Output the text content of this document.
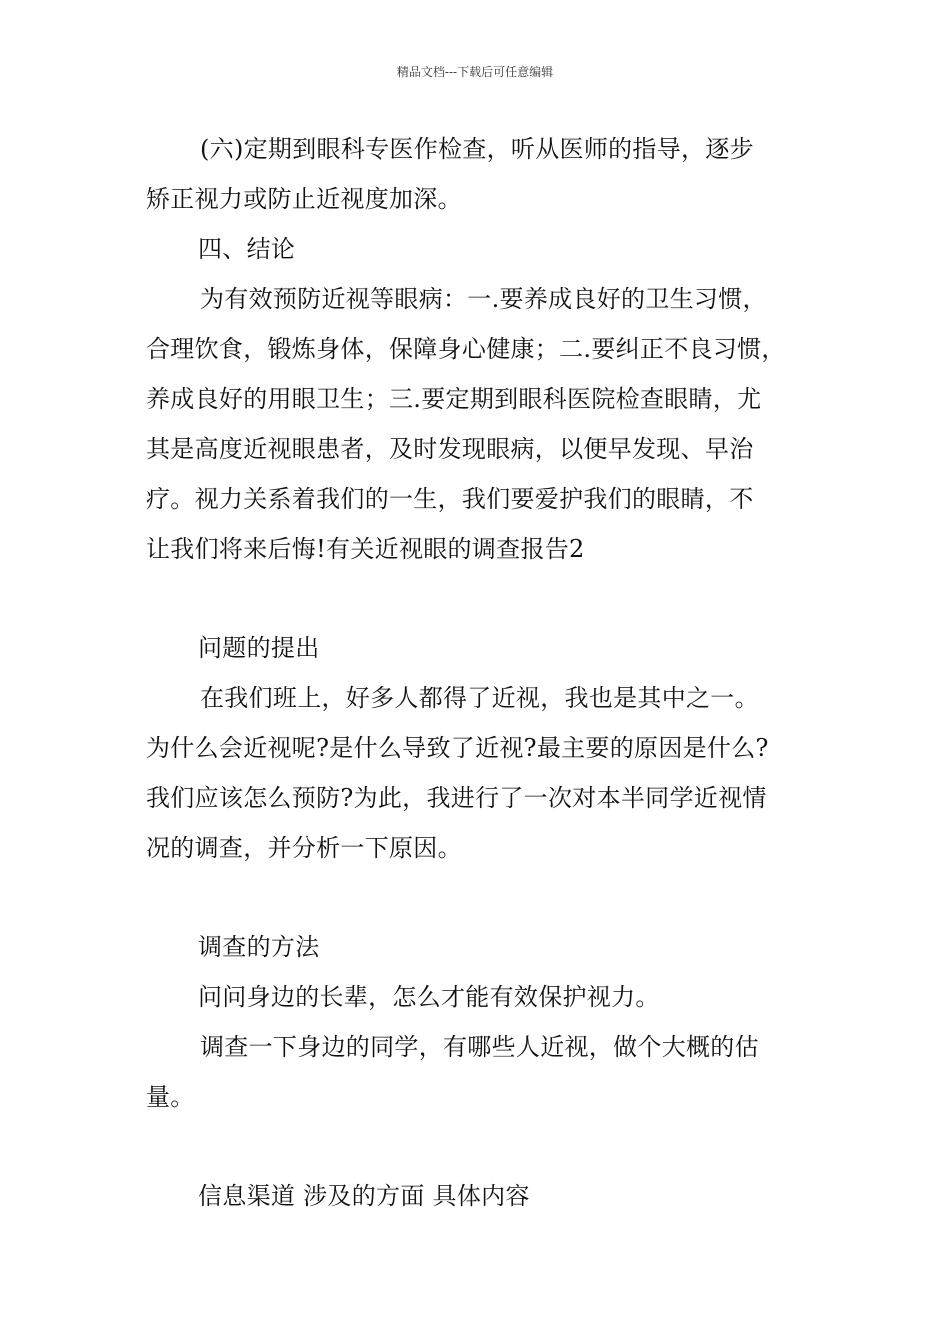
精品文档---下载后可任意编辑
(六)定期到眼科专医作检查，听从医师的指导，逐步
矫正视力或防止近视度加深。
四、结论
为有效预防近视等眼病：一.要养成良好的卫生习惯，
合理饮食，锻炼身体，保障身心健康；二.要纠正不良习惯，
养成良好的用眼卫生；三.要定期到眼科医院检查眼睛，尤
其是高度近视眼患者，及时发现眼病，以便早发现、早治
疗。视力关系着我们的一生，我们要爱护我们的眼睛，不
让我们将来后悔!有关近视眼的调查报告2
问题的提出
在我们班上，好多人都得了近视，我也是其中之一。
为什么会近视呢?是什么导致了近视?最主要的原因是什么?
我们应该怎么预防?为此，我进行了一次对本半同学近视情
况的调查，并分析一下原因。
调查的方法
问问身边的长辈，怎么才能有效保护视力。
调查一下身边的同学，有哪些人近视，做个大概的估
量。
信息渠道 涉及的方面 具体内容
